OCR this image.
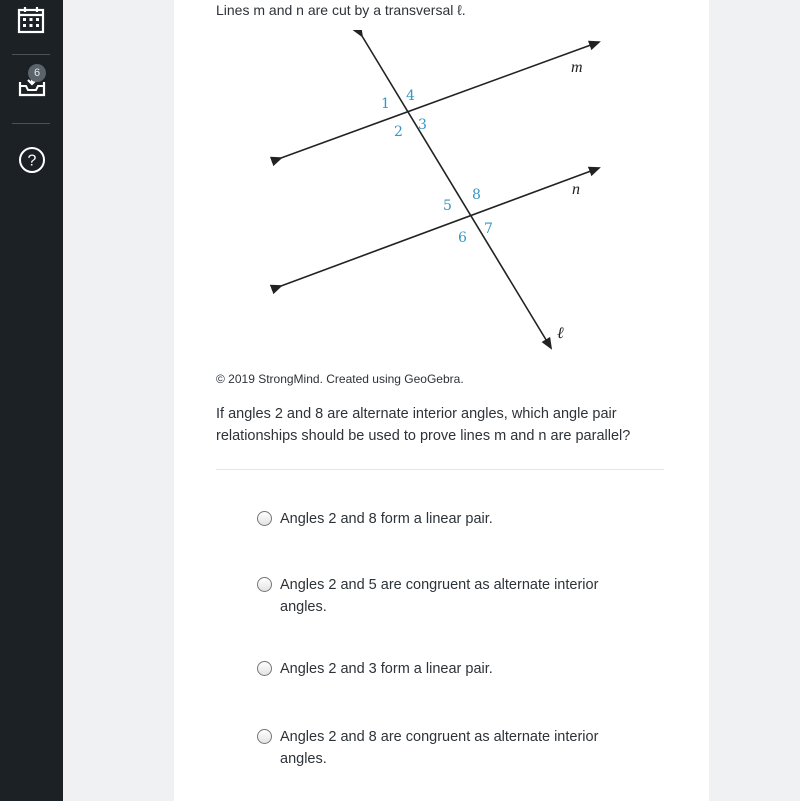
6
?
Lines m and n are cut by a transversal ℓ.
m
n
ℓ
1 4
2 3
5
8
6
7
© 2019 StrongMind. Created using GeoGebra.
If angles 2 and 8 are alternate interior angles, which angle pair relationships should be used to prove lines m and n are parallel?
Angles 2 and 8 form a linear pair.
Angles 2 and 5 are congruent as alternate interior angles.
Angles 2 and 3 form a linear pair.
Angles 2 and 8 are congruent as alternate interior angles.
